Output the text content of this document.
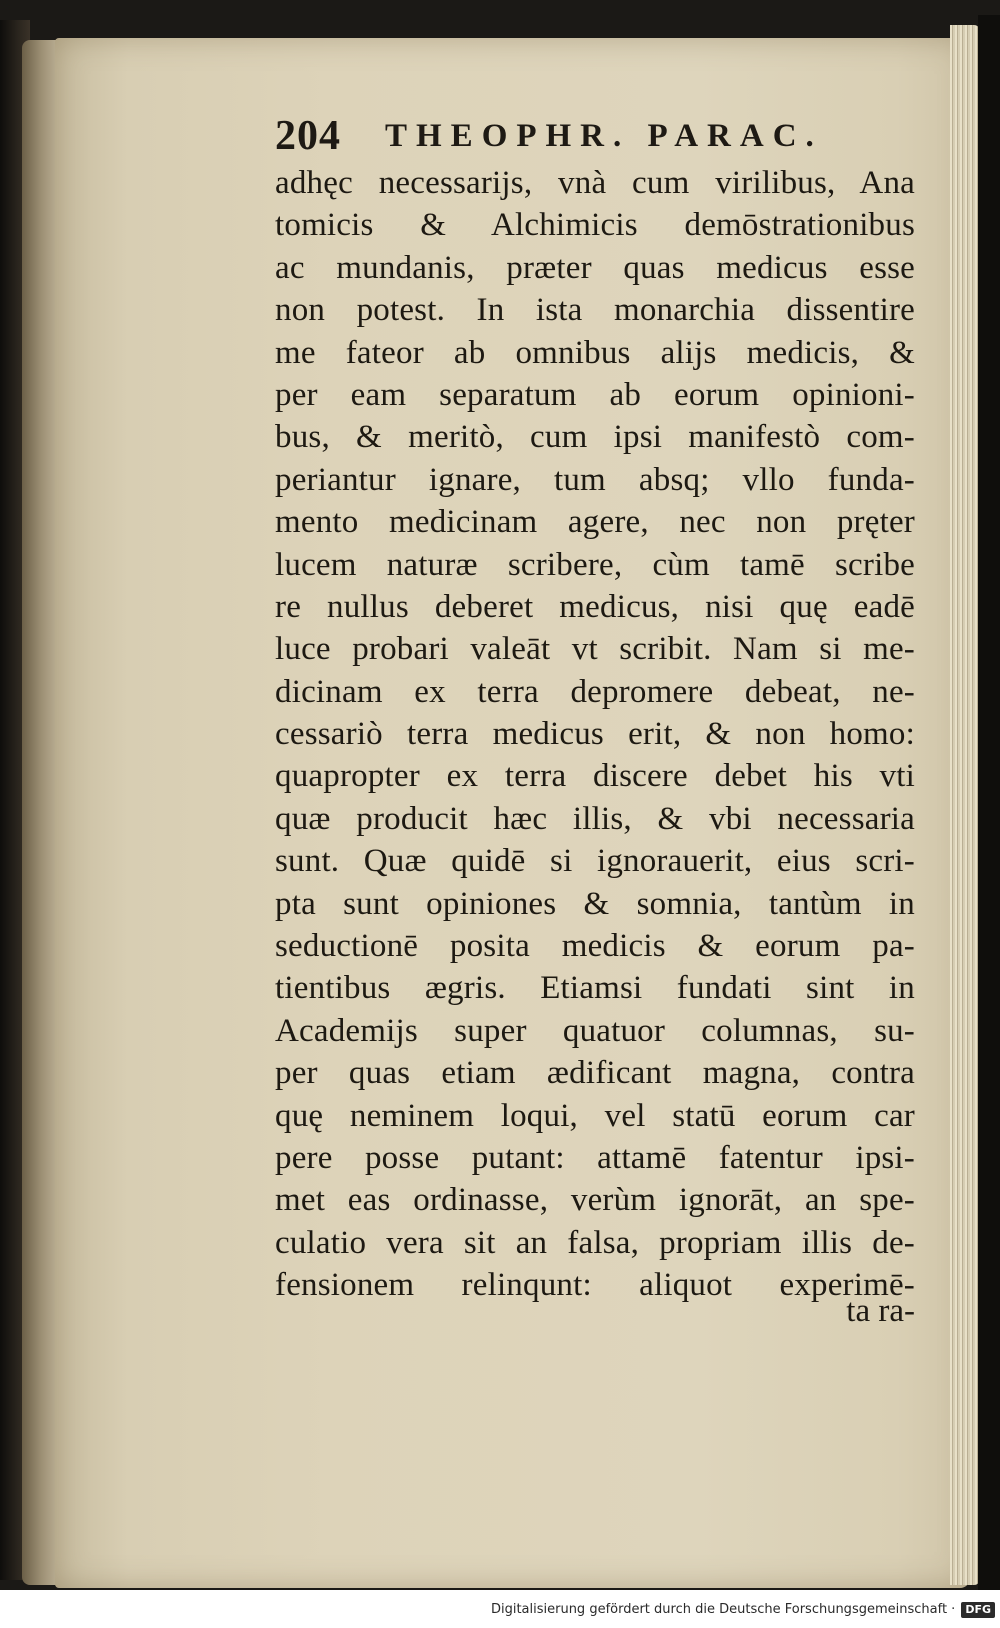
204 THEOPHR. PARAC.
adhęc necessarijs, vnà cum virilibus, Ana
tomicis & Alchimicis demōstrationibus
ac mundanis, præter quas medicus esse
non potest. In ista monarchia dissentire
me fateor ab omnibus alijs medicis, &
per eam separatum ab eorum opinioni-
bus, & meritò, cum ipsi manifestò com-
periantur ignare, tum absq; vllo funda-
mento medicinam agere, nec non pręter
lucem naturæ scribere, cùm tamē scribe
re nullus deberet medicus, nisi quę eadē
luce probari valeāt vt scribit. Nam si me-
dicinam ex terra depromere debeat, ne-
cessariò terra medicus erit, & non homo:
quapropter ex terra discere debet his vti
quæ producit hæc illis, & vbi necessaria
sunt. Quæ quidē si ignorauerit, eius scri-
pta sunt opiniones & somnia, tantùm in
seductionē posita medicis & eorum pa-
tientibus ægris. Etiamsi fundati sint in
Academijs super quatuor columnas, su-
per quas etiam ædificant magna, contra
quę neminem loqui, vel statū eorum car
pere posse putant: attamē fatentur ipsi-
met eas ordinasse, verùm ignorāt, an spe-
culatio vera sit an falsa, propriam illis de-
fensionem relinqunt: aliquot experimē-
ta ra-
Digitalisierung gefördert durch die Deutsche Forschungsgemeinschaft · DFG
